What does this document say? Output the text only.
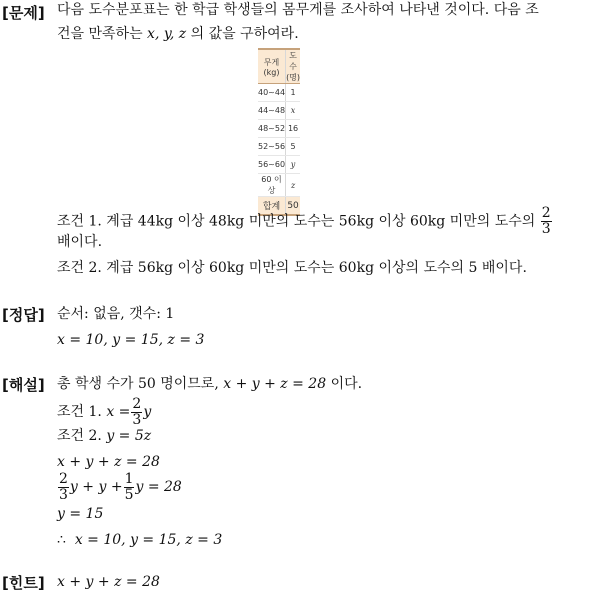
[문제] 다음 도수분포표는 한 학급 학생들의 몸무게를 조사하여 나타낸 것이다. 다음 조
건을 만족하는 x, y, z 의 값을 구하여라.
무게(kg)	도수(명)
40~44	1
44~48	x
48~52	16
52~56	5
56~60	y
60 이상	z
합계	50
조건 1. 계급 44kg 이상 48kg 미만의 도수는 56kg 이상 60kg 미만의 도수의 $\frac{2}{3}$
배이다.
조건 2. 계급 56kg 이상 60kg 미만의 도수는 60kg 이상의 도수의 5 배이다.
[정답] 순서: 없음, 갯수: 1
x = 10, y = 15, z = 3
[해설] 총 학생 수가 50 명이므로, x + y + z = 28 이다.
조건 1. $x = \frac{2}{3}$ y
조건 2. y = 5z
x + y + z = 28
$\frac{2}{3}$ $y + y + \frac{1}{5}$ y = 28
y = 15
∴ x = 10, y = 15, z = 3
[힌트] x + y + z = 28
